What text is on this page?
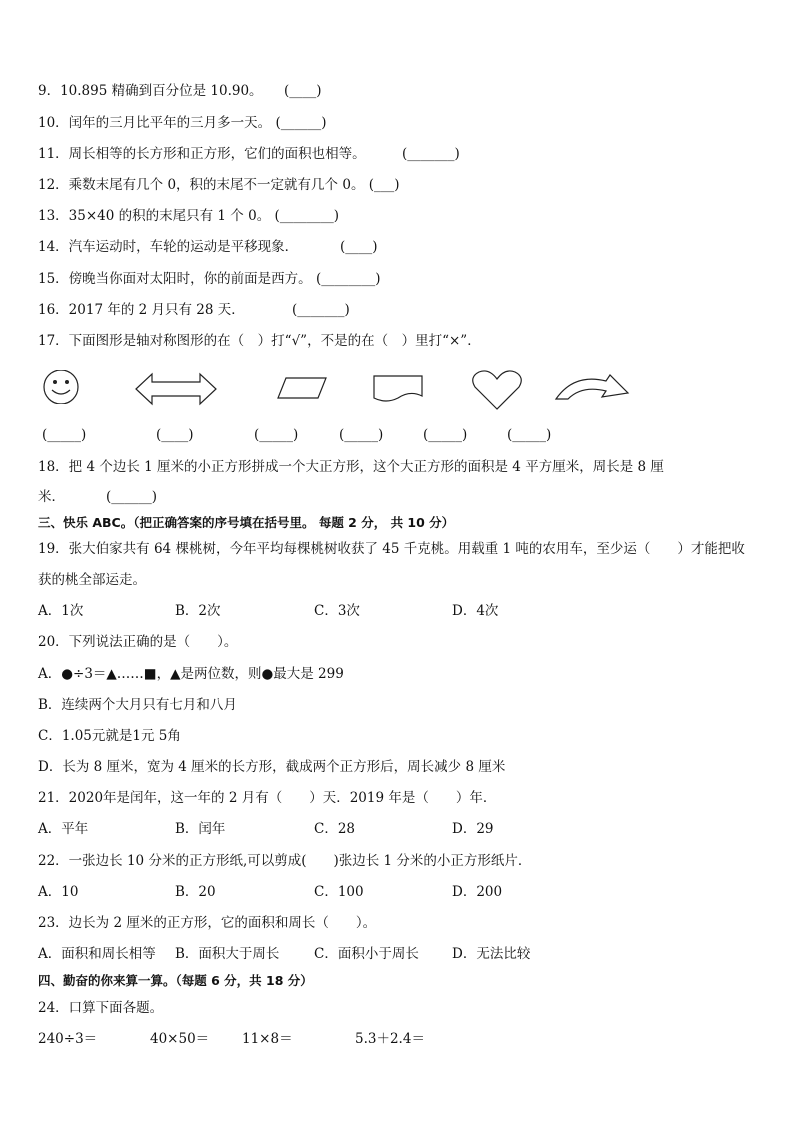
9．10.895 精确到百分位是 10.90。 (____)
10．闰年的三月比平年的三月多一天。 (______)
11．周长相等的长方形和正方形，它们的面积也相等。	(_______)
12．乘数末尾有几个 0，积的末尾不一定就有几个 0。 (___)
13．35×40 的积的末尾只有 1 个 0。 (________)
14．汽车运动时，车轮的运动是平移现象．	(____)
15．傍晚当你面对太阳时，你的前面是西方。 (________)
16．2017 年的 2 月只有 28 天．	(_______)
17．下面图形是轴对称图形的在（　）打“√”，不是的在（　）里打“×”．
(_____)	(____)	(_____)	(_____)	(_____)	(_____)
18．把 4 个边长 1 厘米的小正方形拼成一个大正方形，这个大正方形的面积是 4 平方厘米，周长是 8 厘
米．	(______)
三、快乐 ABC。（把正确答案的序号填在括号里。 每题 2 分， 共 10 分）
19．张大伯家共有 64 棵桃树，今年平均每棵桃树收获了 45 千克桃。用载重 1 吨的农用车，至少运（　　）才能把收
获的桃全部运走。
A．1次	B．2次	C．3次	D．4次
20．下列说法正确的是（　　）。
A．●÷3＝▲……■，▲是两位数，则●最大是 299
B．连续两个大月只有七月和八月
C．1.05元就是1元 5角
D．长为 8 厘米，宽为 4 厘米的长方形，截成两个正方形后，周长减少 8 厘米
21．2020年是闰年，这一年的 2 月有（　　）天．2019 年是（　　）年．
A．平年	B．闰年	C．28	D．29
22．一张边长 10 分米的正方形纸,可以剪成(　　)张边长 1 分米的小正方形纸片．
A．10	B．20	C．100	D．200
23．边长为 2 厘米的正方形，它的面积和周长（　　）。
A．面积和周长相等 B．面积大于周长	C．面积小于周长 D．无法比较
四、勤奋的你来算一算。（每题 6 分，共 18 分）
24．口算下面各题。
240÷3＝	40×50＝ 11×8＝	5.3＋2.4＝
